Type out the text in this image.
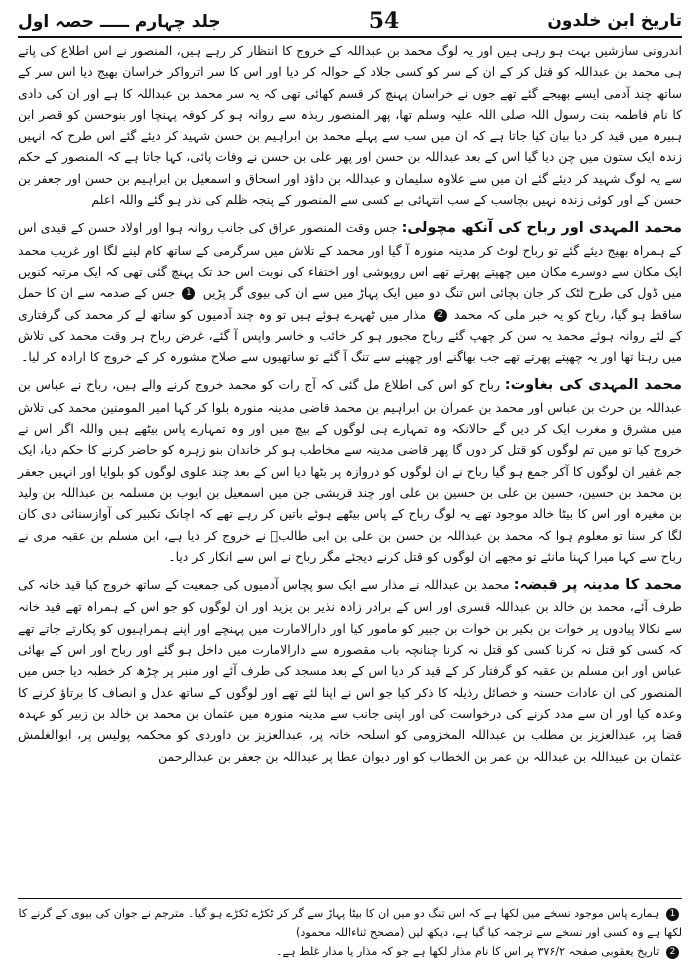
جلد چہارم ـــــ حصہ اول	54	تاریخ ابن خلدون

اندرونی سازشیں بہت ہو رہی ہیں اور یہ لوگ محمد بن عبداللہ کے خروج کا انتظار کر رہے ہیں، المنصور نے اس اطلاع کی پاتے ہی محمد بن عبداللہ کو قتل کر کے ان کے سر کو کسی جلاد کے حوالہ کر دیا اور اس کا سر اترواکر خراسان بھیج دیا اس سر کے ساتھ چند آدمی ایسے بھیجے گئے تھے جوں نے خراسان پہنچ کر قسم کھائی تھی کہ یہ سر محمد بن عبداللہ کا ہے اور ان کی دادی کا نام فاطمہ بنت رسول اللہ صلی اللہ علیہ وسلم تھا، پھر المنصور ربذہ سے روانہ ہو کر کوفہ پہنچا اور بنوحسن کو قصر ابن ہبیرہ میں قید کر دیا بیان کیا جاتا ہے کہ ان میں سب سے پہلے محمد بن ابراہیم بن حسن شہید کر دیئے گئے اس طرح کہ انہیں زندہ ایک ستون میں چن دیا گیا اس کے بعد عبداللہ بن حسن اور پھر علی بن حسن نے وفات پائی، کہا جاتا ہے کہ المنصور کے حکم سے یہ لوگ شہید کر دیئے گئے ان میں سے علاوہ سلیمان و عبداللہ بن داؤد اور اسحاق و اسمعیل بن ابراہیم بن حسن اور جعفر بن حسن کے اور کوئی زندہ نہیں بچاسب کے سب انتہائی بے کسی سے المنصور کے پنجہ ظلم کی نذر ہو گئے واللہ اعلم

محمد المہدی اور رباح کی آنکھ مچولی: جس وقت المنصور عراق کی جانب روانہ ہوا اور اولاد حسن کے قیدی اس کے ہمراہ بھیج دیئے گئے تو رباح لوٹ کر مدینہ منورہ آ گیا اور محمد کے تلاش میں سرگرمی کے ساتھ کام لینے لگا اور غریب محمد ایک مکان سے دوسرے مکان میں چھپتے پھرتے تھے اس روپوشی اور اختفاء کی نوبت اس حد تک پہنچ گئی تھی کہ ایک مرتبہ کنویں میں ڈول کی طرح لٹک کر جان بچائی اس تنگ دو میں ایک پہاڑ میں سے ان کی بیوی گر پڑیں 1 جس کے صدمہ سے ان کا حمل ساقط ہو گیا، رباح کو یہ خبر ملی کہ محمد 2 مذار میں ٹھہرے ہوئے ہیں تو وہ چند آدمیوں کو ساتھ لے کر محمد کی گرفتاری کے لئے روانہ ہوئے محمد یہ سن کر چھپ گئے رباح مجبور ہو کر خائب و خاسر واپس آ گئے، غرض رباح ہر وقت محمد کی تلاش میں رہتا تھا اور یہ چھپتے پھرتے تھے جب بھاگنے اور چھپنے سے تنگ آ گئے تو ساتھیوں سے صلاح مشورہ کر کے خروج کا ارادہ کر لیا۔

محمد المہدی کی بغاوت: رباح کو اس کی اطلاع مل گئی کہ آج رات کو محمد خروج کرنے والے ہیں، رباح نے عباس بن عبداللہ بن حرث بن عباس اور محمد بن عمران بن ابراہیم بن محمد قاضی مدینہ منورہ بلوا کر کہا امیر المومنین محمد کی تلاش میں مشرق و مغرب ایک کر دیں گے حالانکہ وہ تمہارے ہی لوگوں کے بیچ میں اور وہ تمہارے پاس بیٹھے ہیں واللہ اگر اس نے خروج کیا تو میں تم لوگوں کو قتل کر دوں گا پھر قاضی مدینہ سے مخاطب ہو کر خاندان بنو زہرہ کو حاضر کرنے کا حکم دیا، ایک جم غفیر ان لوگوں کا آکر جمع ہو گیا رباح نے ان لوگوں کو دروازہ پر بٹھا دیا اس کے بعد چند علوی لوگوں کو بلوایا اور انہیں جعفر بن محمد بن حسین، حسین بن علی بن حسین بن علی اور چند قریشی جن میں اسمعیل بن ایوب بن مسلمہ بن عبداللہ بن ولید بن مغیرہ اور اس کا بیٹا خالد موجود تھے یہ لوگ رباح کے پاس بیٹھے ہوئے باتیں کر رہے تھے کہ اچانک تکبیر کی آوازسنائی دی کان لگا کر سنا تو معلوم ہوا کہ محمد بن عبداللہ بن حسن بن علی بن ابی طالبؓ نے خروج کر دیا ہے، ابن مسلم بن عقبہ مری نے رباح سے کہا میرا کہنا مانئے تو مجھے ان لوگوں کو قتل کرنے دیجئے مگر رباح نے اس سے انکار کر دیا۔

محمد کا مدینہ پر قبضہ: محمد بن عبداللہ نے مذار سے ایک سو پچاس آدمیوں کی جمعیت کے ساتھ خروج کیا قید خانہ کی طرف آئے، محمد بن خالد بن عبداللہ قسری اور اس کے برادر زادہ نذیر بن یزید اور ان لوگوں کو جو اس کے ہمراہ تھے قید خانہ سے نکالا پیادوں پر خوات بن بکیر بن خوات بن جبیر کو مامور کیا اور دارالامارت میں پہنچے اور اپنے ہمراہیوں کو پکارتے جاتے تھے کہ کسی کو قتل نہ کرنا کسی کو قتل نہ کرنا چنانچہ باب مقصورہ سے دارالامارت میں داخل ہو گئے اور رباح اور اس کے بھائی عباس اور ابن مسلم بن عقبہ کو گرفتار کر کے قید کر دیا اس کے بعد مسجد کی طرف آئے اور منبر پر چڑھ کر خطبہ دیا جس میں المنصور کی ان عادات حسنہ و خصائل رذیلہ کا ذکر کیا جو اس نے اپنا لئے تھے اور لوگوں کے ساتھ عدل و انصاف کا برتاؤ کرنے کا وعدہ کیا اور ان سے مدد کرنے کی درخواست کی اور اپنی جانب سے مدینہ منورہ میں عثمان بن محمد بن خالد بن زبیر کو عہدہ قضا پر، عبدالعزیز بن مطلب بن عبداللہ المخزومی کو اسلحہ خانہ پر، عبدالعزیز بن داوردی کو محکمہ پولیس پر، ابوالغلمش عثمان بن عبیداللہ بن عبداللہ بن عمر بن الخطاب کو اور دیوان عطا پر عبداللہ بن جعفر بن عبدالرحمن

1 ہمارے پاس موجود نسخے میں لکھا ہے کہ اس تنگ دو میں ان کا بیٹا پہاڑ سے گر کر ٹکڑے ٹکڑے ہو گیا۔ مترجم نے جوان کی بیوی کے گرنے کا لکھا ہے وہ کسی اور نسخے سے ترجمہ کیا گیا ہے، دیکھ لیں (مصحح ثناءاللہ محمود)

2 تاریخ یعقوبی صفحہ ۳۷۶/۲ پر اس کا نام مذار لکھا ہے جو کہ مذار یا مدار غلط ہے۔
